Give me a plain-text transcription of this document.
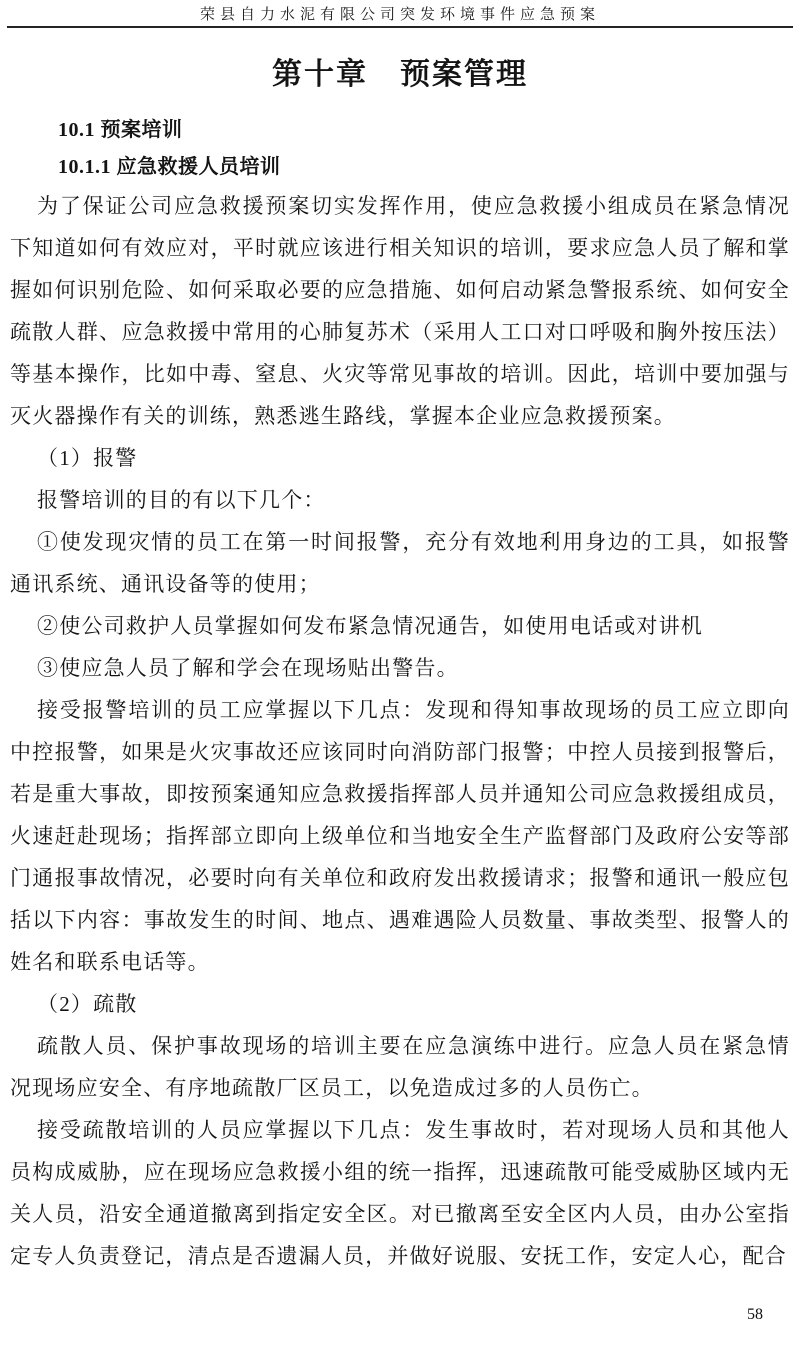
荣县自力水泥有限公司突发环境事件应急预案
第十章　预案管理
10.1 预案培训
10.1.1 应急救援人员培训

为了保证公司应急救援预案切实发挥作用，使应急救援小组成员在紧急情况下知道如何有效应对，平时就应该进行相关知识的培训，要求应急人员了解和掌握如何识别危险、如何采取必要的应急措施、如何启动紧急警报系统、如何安全疏散人群、应急救援中常用的心肺复苏术（采用人工口对口呼吸和胸外按压法）等基本操作，比如中毒、窒息、火灾等常见事故的培训。因此，培训中要加强与灭火器操作有关的训练，熟悉逃生路线，掌握本企业应急救援预案。

（1）报警

报警培训的目的有以下几个：

①使发现灾情的员工在第一时间报警，充分有效地利用身边的工具，如报警通讯系统、通讯设备等的使用；

②使公司救护人员掌握如何发布紧急情况通告，如使用电话或对讲机

③使应急人员了解和学会在现场贴出警告。

接受报警培训的员工应掌握以下几点：发现和得知事故现场的员工应立即向中控报警，如果是火灾事故还应该同时向消防部门报警；中控人员接到报警后，若是重大事故，即按预案通知应急救援指挥部人员并通知公司应急救援组成员，火速赶赴现场；指挥部立即向上级单位和当地安全生产监督部门及政府公安等部门通报事故情况，必要时向有关单位和政府发出救援请求；报警和通讯一般应包括以下内容：事故发生的时间、地点、遇难遇险人员数量、事故类型、报警人的姓名和联系电话等。

（2）疏散

疏散人员、保护事故现场的培训主要在应急演练中进行。应急人员在紧急情况现场应安全、有序地疏散厂区员工，以免造成过多的人员伤亡。

接受疏散培训的人员应掌握以下几点：发生事故时，若对现场人员和其他人员构成威胁，应在现场应急救援小组的统一指挥，迅速疏散可能受威胁区域内无关人员，沿安全通道撤离到指定安全区。对已撤离至安全区内人员，由办公室指定专人负责登记，清点是否遗漏人员，并做好说服、安抚工作，安定人心，配合

58
